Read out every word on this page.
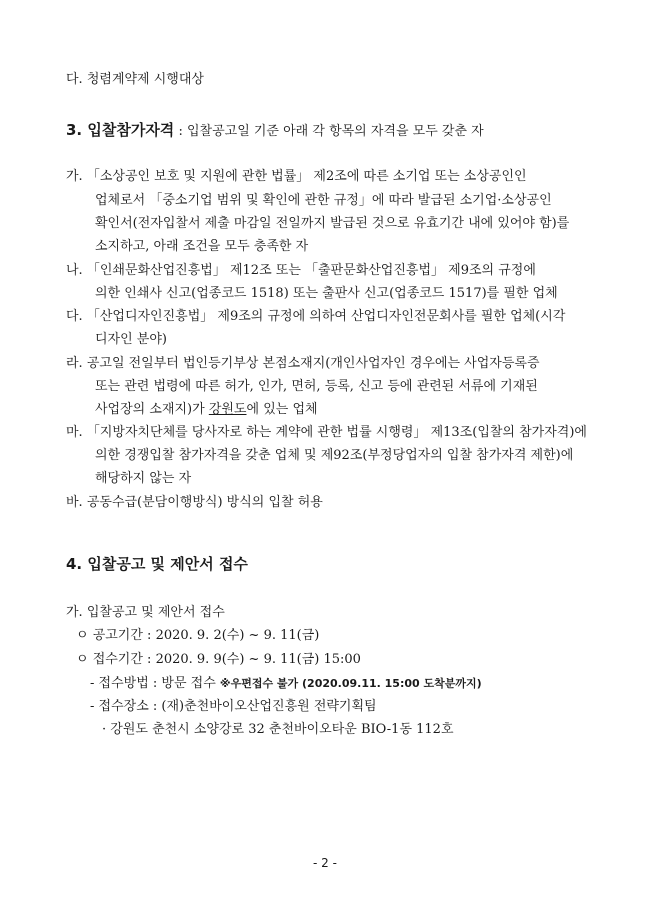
다. 청렴계약제 시행대상
3. 입찰참가자격 : 입찰공고일 기준 아래 각 항목의 자격을 모두 갖춘 자
가. 「소상공인 보호 및 지원에 관한 법률」 제2조에 따른 소기업 또는 소상공인인
업체로서 「중소기업 범위 및 확인에 관한 규정」에 따라 발급된 소기업·소상공인
확인서(전자입찰서 제출 마감일 전일까지 발급된 것으로 유효기간 내에 있어야 함)를
소지하고, 아래 조건을 모두 충족한 자
나. 「인쇄문화산업진흥법」 제12조 또는 「출판문화산업진흥법」 제9조의 규정에
의한 인쇄사 신고(업종코드 1518) 또는 출판사 신고(업종코드 1517)를 필한 업체
다. 「산업디자인진흥법」 제9조의 규정에 의하여 산업디자인전문회사를 필한 업체(시각
디자인 분야)
라. 공고일 전일부터 법인등기부상 본점소재지(개인사업자인 경우에는 사업자등록증
또는 관련 법령에 따른 허가, 인가, 면허, 등록, 신고 등에 관련된 서류에 기재된
사업장의 소재지)가 강원도에 있는 업체
마. 「지방자치단체를 당사자로 하는 계약에 관한 법률 시행령」 제13조(입찰의 참가자격)에
의한 경쟁입찰 참가자격을 갖춘 업체 및 제92조(부정당업자의 입찰 참가자격 제한)에
해당하지 않는 자
바. 공동수급(분담이행방식) 방식의 입찰 허용
4. 입찰공고 및 제안서 접수
가. 입찰공고 및 제안서 접수
ㅇ 공고기간 : 2020. 9. 2(수) ~ 9. 11(금)
ㅇ 접수기간 : 2020. 9. 9(수) ~ 9. 11(금) 15:00
- 접수방법 : 방문 접수 ※우편접수 불가 (2020.09.11. 15:00 도착분까지)
- 접수장소 : (재)춘천바이오산업진흥원 전략기획팀
· 강원도 춘천시 소양강로 32 춘천바이오타운 BIO-1동 112호
- 2 -
